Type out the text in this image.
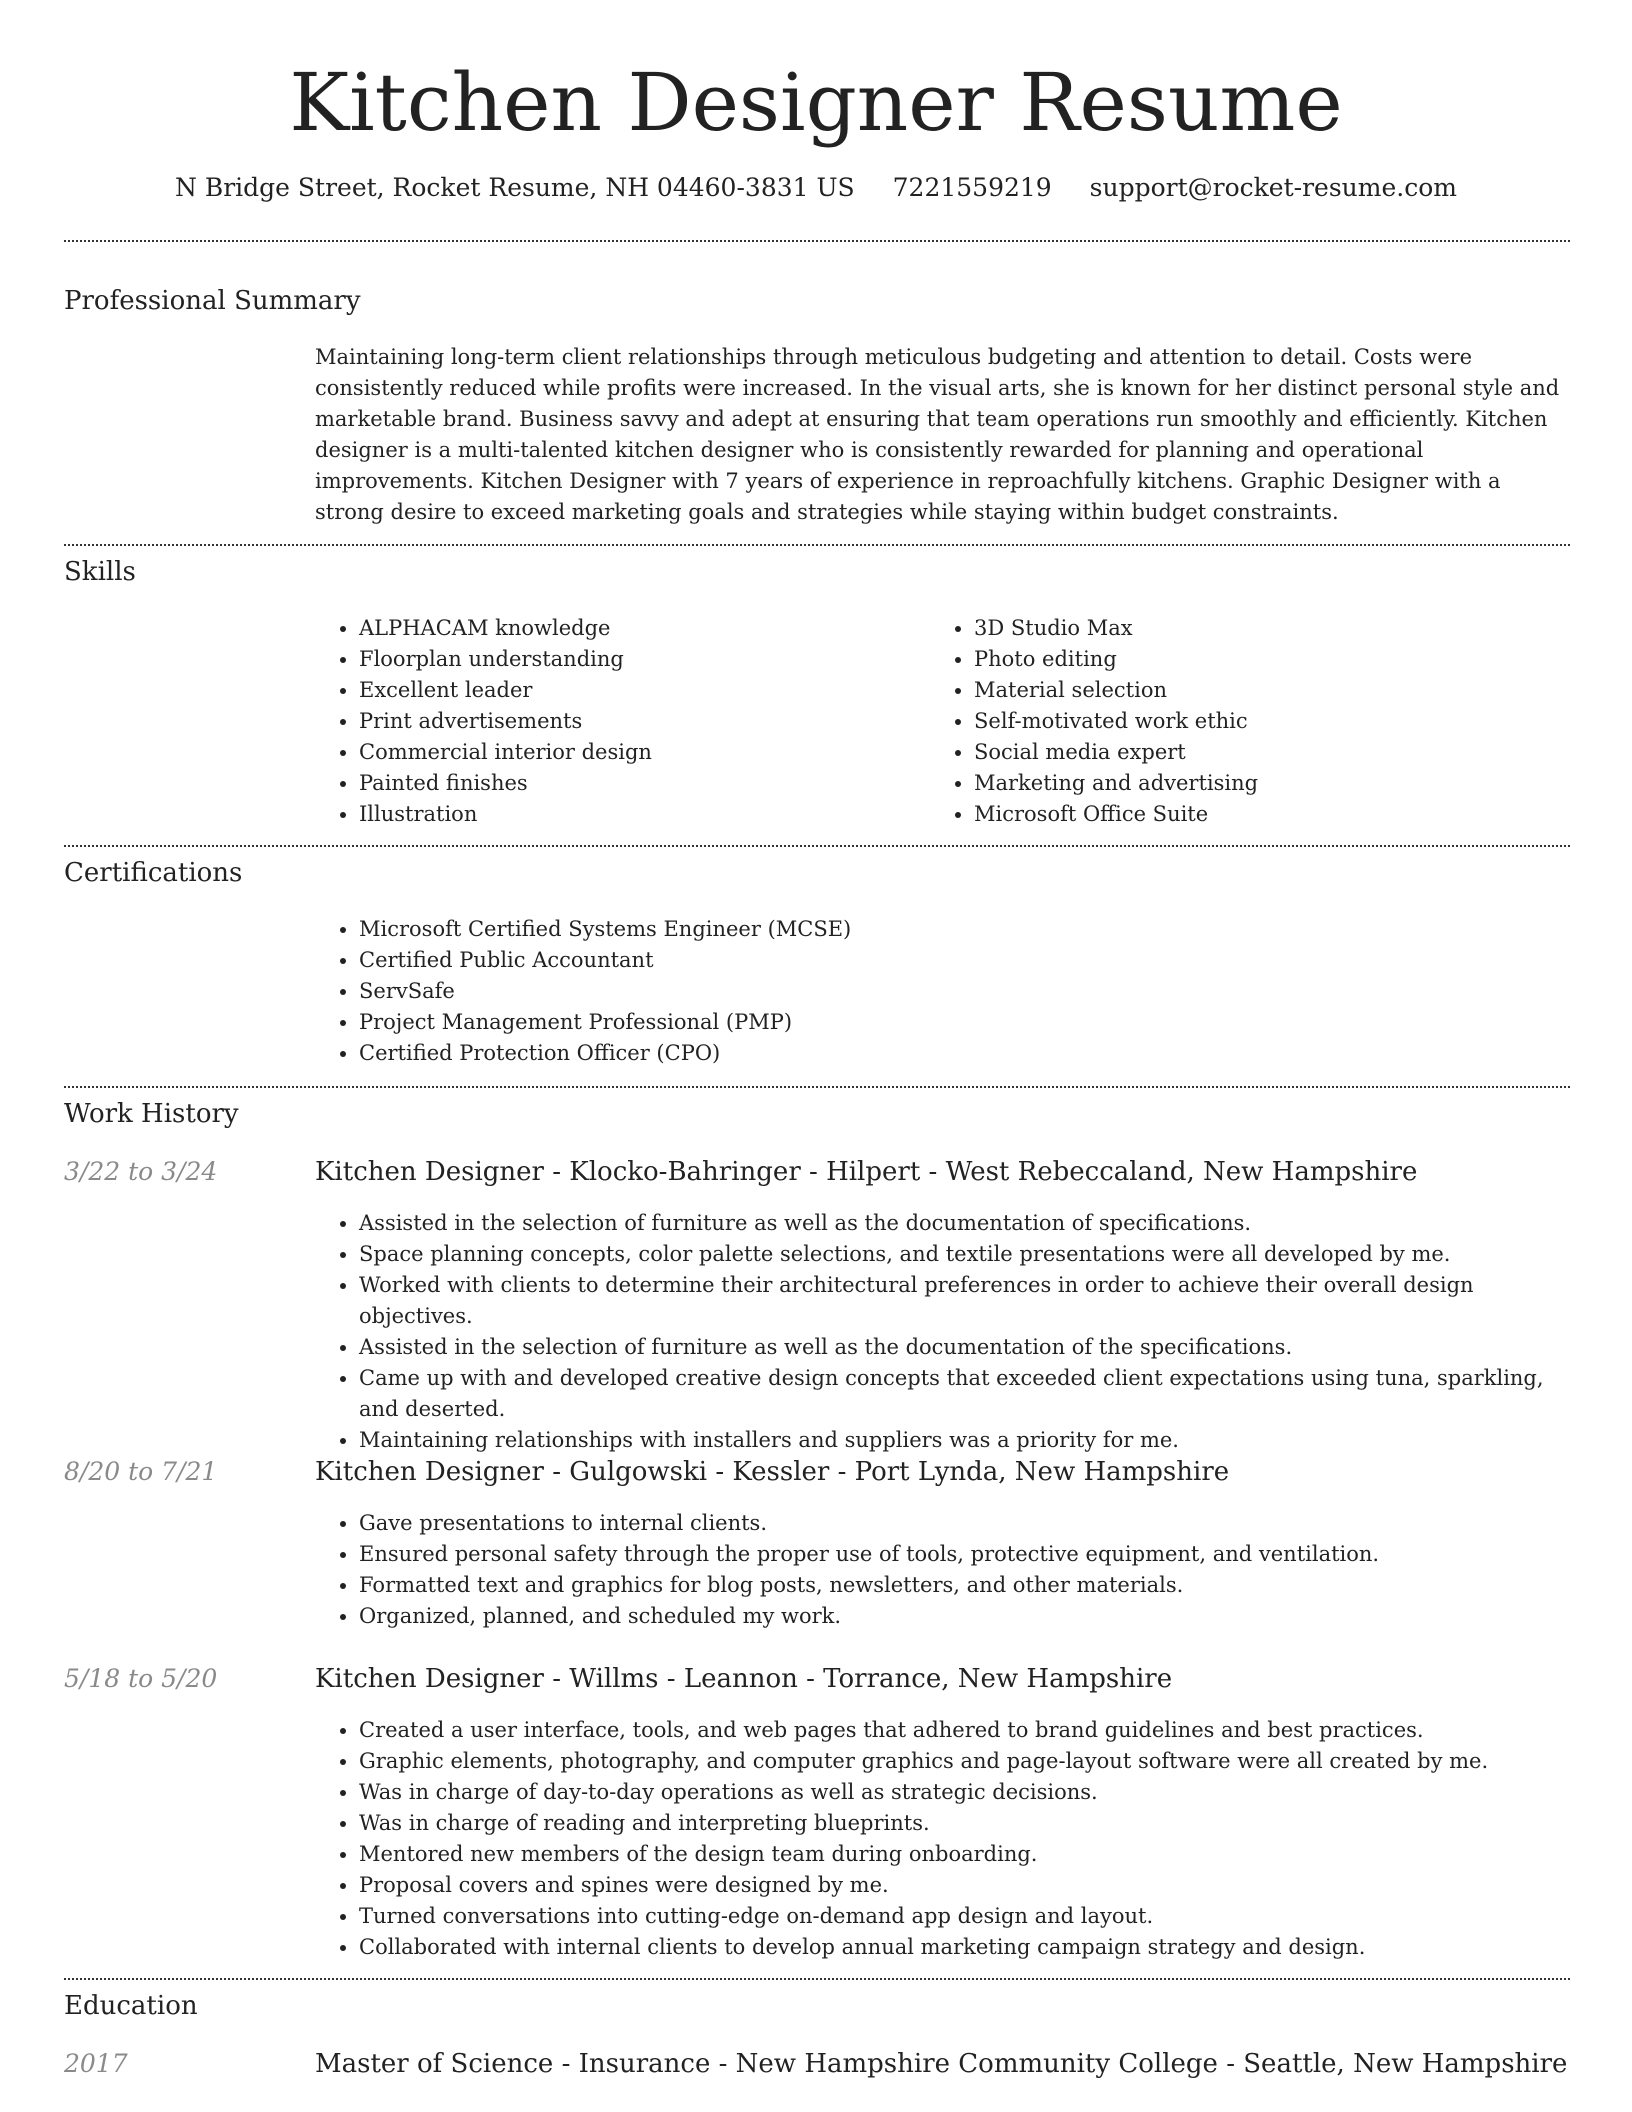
Kitchen Designer Resume
N Bridge Street, Rocket Resume, NH 04460-3831 US 7221559219 support@rocket-resume.com
Professional Summary

Maintaining long-term client relationships through meticulous budgeting and attention to detail. Costs were consistently reduced while profits were increased. In the visual arts, she is known for her distinct personal style and marketable brand. Business savvy and adept at ensuring that team operations run smoothly and efficiently. Kitchen designer is a multi-talented kitchen designer who is consistently rewarded for planning and operational improvements. Kitchen Designer with 7 years of experience in reproachfully kitchens. Graphic Designer with a strong desire to exceed marketing goals and strategies while staying within budget constraints.

Skills
• ALPHACAM knowledge
• Floorplan understanding
• Excellent leader
• Print advertisements
• Commercial interior design
• Painted finishes
• Illustration
• 3D Studio Max
• Photo editing
• Material selection
• Self-motivated work ethic
• Social media expert
• Marketing and advertising
• Microsoft Office Suite
Certifications
• Microsoft Certified Systems Engineer (MCSE)
• Certified Public Accountant
• ServSafe
• Project Management Professional (PMP)
• Certified Protection Officer (CPO)
Work History
3/22 to 3/24	Kitchen Designer - Klocko-Bahringer - Hilpert - West Rebeccaland, New Hampshire
• Assisted in the selection of furniture as well as the documentation of specifications.
• Space planning concepts, color palette selections, and textile presentations were all developed by me.
• Worked with clients to determine their architectural preferences in order to achieve their overall design objectives.
• Assisted in the selection of furniture as well as the documentation of the specifications.
• Came up with and developed creative design concepts that exceeded client expectations using tuna, sparkling, and deserted.
• Maintaining relationships with installers and suppliers was a priority for me.
8/20 to 7/21	Kitchen Designer - Gulgowski - Kessler - Port Lynda, New Hampshire
• Gave presentations to internal clients.
• Ensured personal safety through the proper use of tools, protective equipment, and ventilation.
• Formatted text and graphics for blog posts, newsletters, and other materials.
• Organized, planned, and scheduled my work.
5/18 to 5/20	Kitchen Designer - Willms - Leannon - Torrance, New Hampshire
• Created a user interface, tools, and web pages that adhered to brand guidelines and best practices.
• Graphic elements, photography, and computer graphics and page-layout software were all created by me.
• Was in charge of day-to-day operations as well as strategic decisions.
• Was in charge of reading and interpreting blueprints.
• Mentored new members of the design team during onboarding.
• Proposal covers and spines were designed by me.
• Turned conversations into cutting-edge on-demand app design and layout.
• Collaborated with internal clients to develop annual marketing campaign strategy and design.
Education
2017	Master of Science - Insurance - New Hampshire Community College - Seattle, New Hampshire
